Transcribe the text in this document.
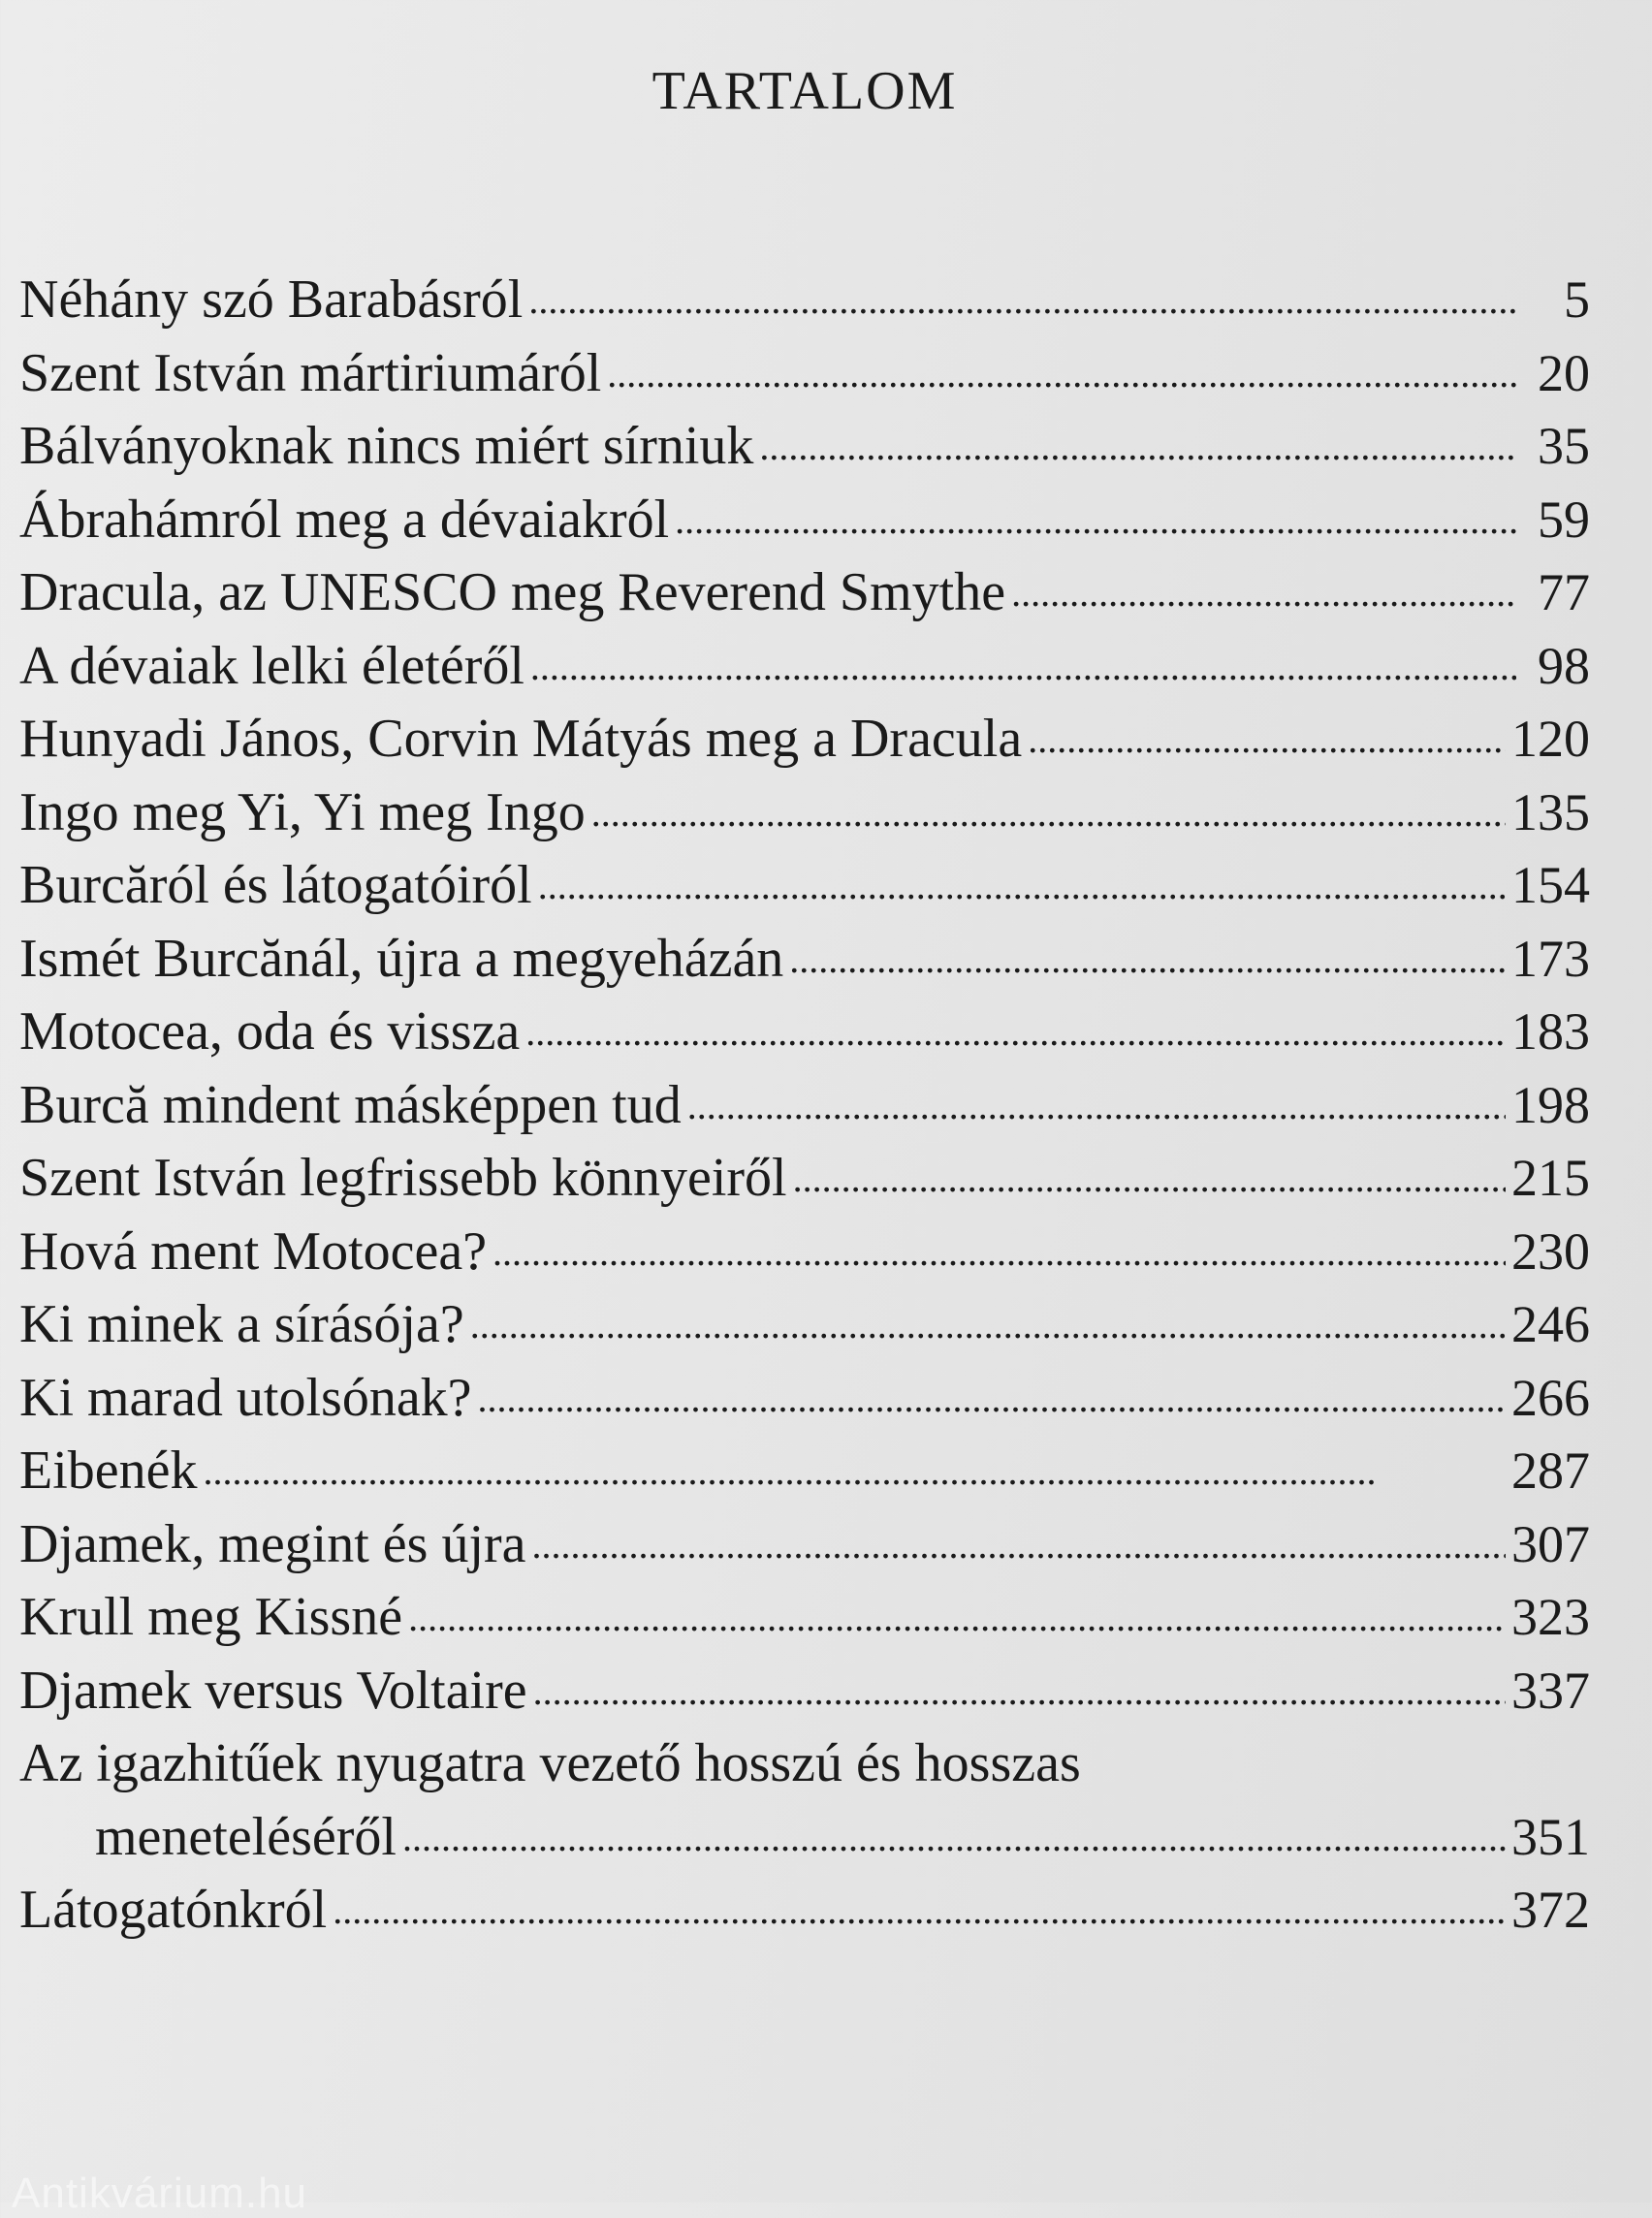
TARTALOM
Néhány szó Barabásról . . .	5
Szent István mártiriumáról . . .	20
Bálványoknak nincs miért sírniuk . . .	35
Ábrahámról meg a dévaiakról . . .	59
Dracula, az UNESCO meg Reverend Smythe . . .	77
A dévaiak lelki életéről . . .	98
Hunyadi János, Corvin Mátyás meg a Dracula . . .	120
Ingo meg Yi, Yi meg Ingo . . .	135
Burcăról és látogatóiról . . .	154
Ismét Burcănál, újra a megyeházán . . .	173
Motocea, oda és vissza . . .	183
Burcă mindent másképpen tud . . .	198
Szent István legfrissebb könnyeiről . . .	215
Hová ment Motocea? . . .	230
Ki minek a sírásója? . . .	246
Ki marad utolsónak? . . .	266
Eibenék . . .	287
Djamek, megint és újra . . .	307
Krull meg Kissné . . .	323
Djamek versus Voltaire . . .	337
Az igazhitűek nyugatra vezető hosszú és hosszas
meneteléséről . . .	351
Látogatónkról . . .	372
Antikvárium.hu
